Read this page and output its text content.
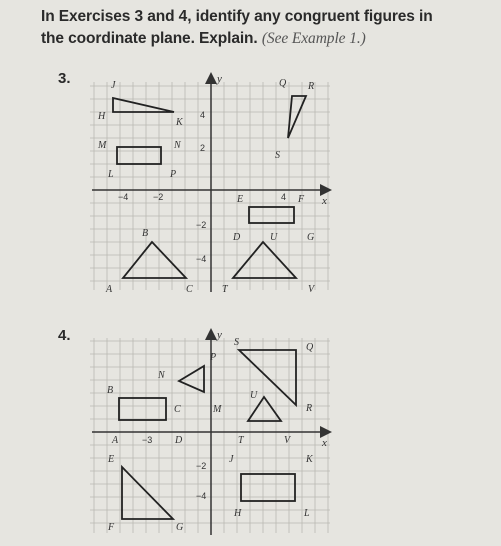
In Exercises 3 and 4, identify any congruent figures in
the coordinate plane. Explain. (See Example 1.)
3.
4.
y
x
−4	−2	4
4
2
−2
−4
J
H
K
M	N
L	P
Q R
S
E	F
D	U	G
B
A	C	T	V
y
x
−3
−2
−4
S
P
Q
N
B
C	M
U
R
A	D	T	V
E	J	K
H	L
F	G
